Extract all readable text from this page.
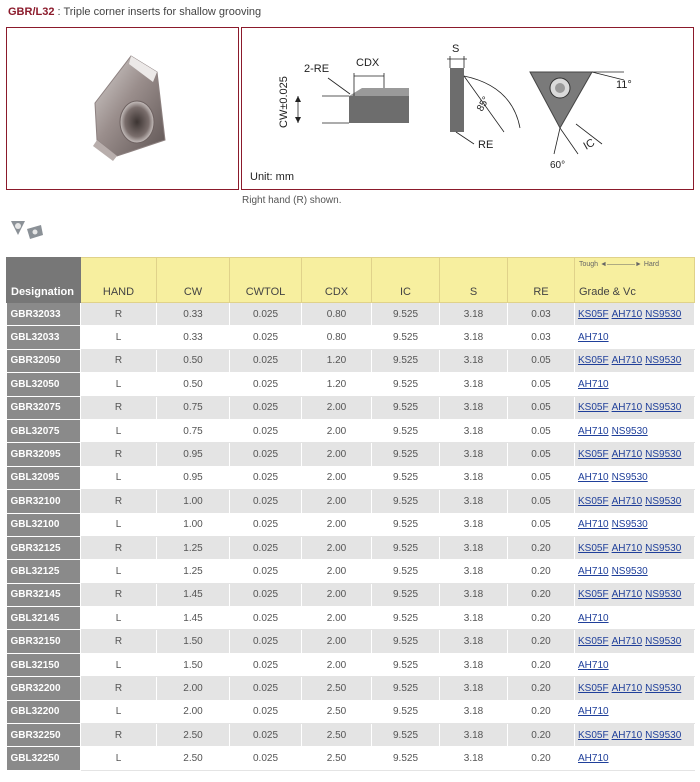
GBR/L32 : Triple corner inserts for shallow grooving
CW±0.025
2-RE CDX
S
85°
RE
11°
60°
IC
Unit: mm
Right hand (R) shown.
Designation	HAND	CW	CWTOL	CDX	IC	S	RE	Tough ◄————► Hard
Grade & Vc
GBR32033	R	0.33	0.025	0.80	9.525	3.18	0.03	KS05F AH710 NS9530
GBL32033	L	0.33	0.025	0.80	9.525	3.18	0.03	AH710
GBR32050	R	0.50	0.025	1.20	9.525	3.18	0.05	KS05F AH710 NS9530
GBL32050	L	0.50	0.025	1.20	9.525	3.18	0.05	AH710
GBR32075	R	0.75	0.025	2.00	9.525	3.18	0.05	KS05F AH710 NS9530
GBL32075	L	0.75	0.025	2.00	9.525	3.18	0.05	AH710 NS9530
GBR32095	R	0.95	0.025	2.00	9.525	3.18	0.05	KS05F AH710 NS9530
GBL32095	L	0.95	0.025	2.00	9.525	3.18	0.05	AH710 NS9530
GBR32100	R	1.00	0.025	2.00	9.525	3.18	0.05	KS05F AH710 NS9530
GBL32100	L	1.00	0.025	2.00	9.525	3.18	0.05	AH710 NS9530
GBR32125	R	1.25	0.025	2.00	9.525	3.18	0.20	KS05F AH710 NS9530
GBL32125	L	1.25	0.025	2.00	9.525	3.18	0.20	AH710 NS9530
GBR32145	R	1.45	0.025	2.00	9.525	3.18	0.20	KS05F AH710 NS9530
GBL32145	L	1.45	0.025	2.00	9.525	3.18	0.20	AH710
GBR32150	R	1.50	0.025	2.00	9.525	3.18	0.20	KS05F AH710 NS9530
GBL32150	L	1.50	0.025	2.00	9.525	3.18	0.20	AH710
GBR32200	R	2.00	0.025	2.50	9.525	3.18	0.20	KS05F AH710 NS9530
GBL32200	L	2.00	0.025	2.50	9.525	3.18	0.20	AH710
GBR32250	R	2.50	0.025	2.50	9.525	3.18	0.20	KS05F AH710 NS9530
GBL32250	L	2.50	0.025	2.50	9.525	3.18	0.20	AH710
